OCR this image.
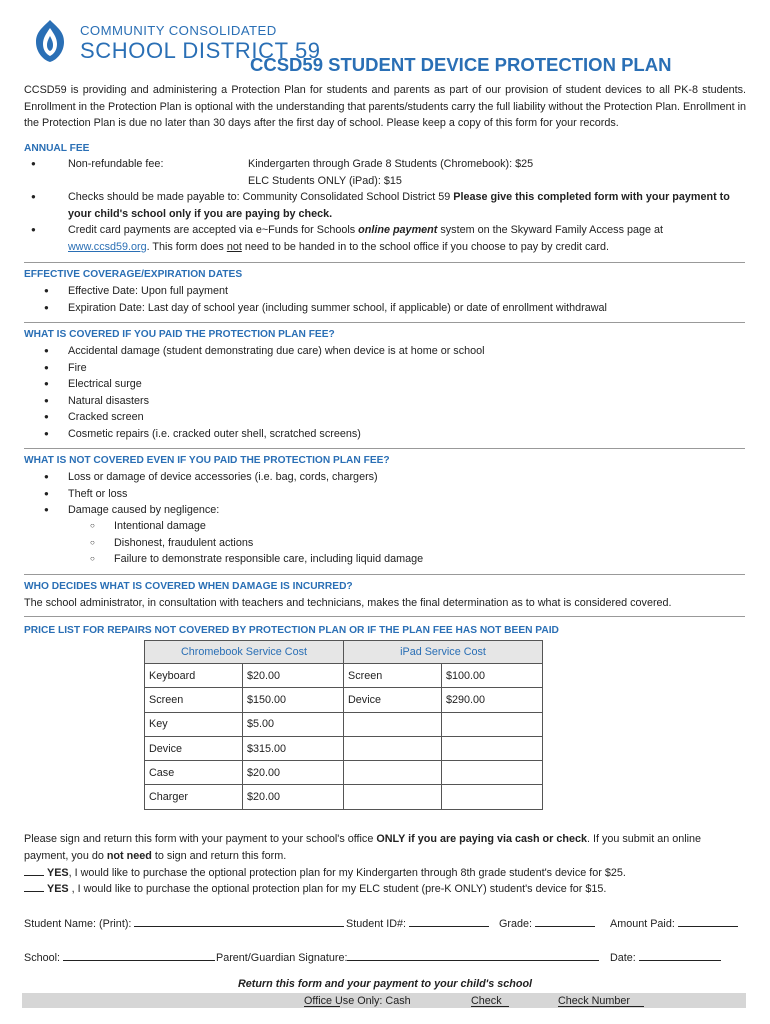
COMMUNITY CONSOLIDATED
SCHOOL DISTRICT 59
CCSD59 STUDENT DEVICE PROTECTION PLAN
CCSD59 is providing and administering a Protection Plan for students and parents as part of our provision of student devices to all PK-8 students. Enrollment in the Protection Plan is optional with the understanding that parents/students carry the full liability without the Protection Plan. Enrollment in the Protection Plan is due no later than 30 days after the first day of school. Please keep a copy of this form for your records.
ANNUAL FEE
●	Non-refundable fee:	Kindergarten through Grade 8 Students (Chromebook): $25
ELC Students ONLY (iPad): $15
●	Checks should be made payable to: Community Consolidated School District 59 Please give this completed form with your payment to your child's school only if you are paying by check.
●	Credit card payments are accepted via e~Funds for Schools online payment system on the Skyward Family Access page at www.ccsd59.org. This form does not need to be handed in to the school office if you choose to pay by credit card.
EFFECTIVE COVERAGE/EXPIRATION DATES
● Effective Date: Upon full payment
● Expiration Date: Last day of school year (including summer school, if applicable) or date of enrollment withdrawal
WHAT IS COVERED IF YOU PAID THE PROTECTION PLAN FEE?
● Accidental damage (student demonstrating due care) when device is at home or school
● Fire
● Electrical surge
● Natural disasters
● Cracked screen
● Cosmetic repairs (i.e. cracked outer shell, scratched screens)
WHAT IS NOT COVERED EVEN IF YOU PAID THE PROTECTION PLAN FEE?
● Loss or damage of device accessories (i.e. bag, cords, chargers)
● Theft or loss
● Damage caused by negligence:
○ Intentional damage
○ Dishonest, fraudulent actions
○ Failure to demonstrate responsible care, including liquid damage
WHO DECIDES WHAT IS COVERED WHEN DAMAGE IS INCURRED?
The school administrator, in consultation with teachers and technicians, makes the final determination as to what is considered covered.
PRICE LIST FOR REPAIRS NOT COVERED BY PROTECTION PLAN OR IF THE PLAN FEE HAS NOT BEEN PAID
Chromebook Service Cost		iPad Service Cost	
Keyboard	$20.00	Screen	$100.00
Screen	$150.00	Device	$290.00
Key	$5.00		
Device	$315.00		
Case	$20.00		
Charger	$20.00		
Please sign and return this form with your payment to your school's office ONLY if you are paying via cash or check. If you submit an online payment, you do not need to sign and return this form.
YES, I would like to purchase the optional protection plan for my Kindergarten through 8th grade student's device for $25.
YES , I would like to purchase the optional protection plan for my ELC student (pre-K ONLY) student's device for $15.
Student Name: (Print):	Student ID#:	Grade:	Amount Paid:
School:	Parent/Guardian Signature:	Date:
Return this form and your payment to your child's school
Office Use Only: Cash	Check	Check Number
